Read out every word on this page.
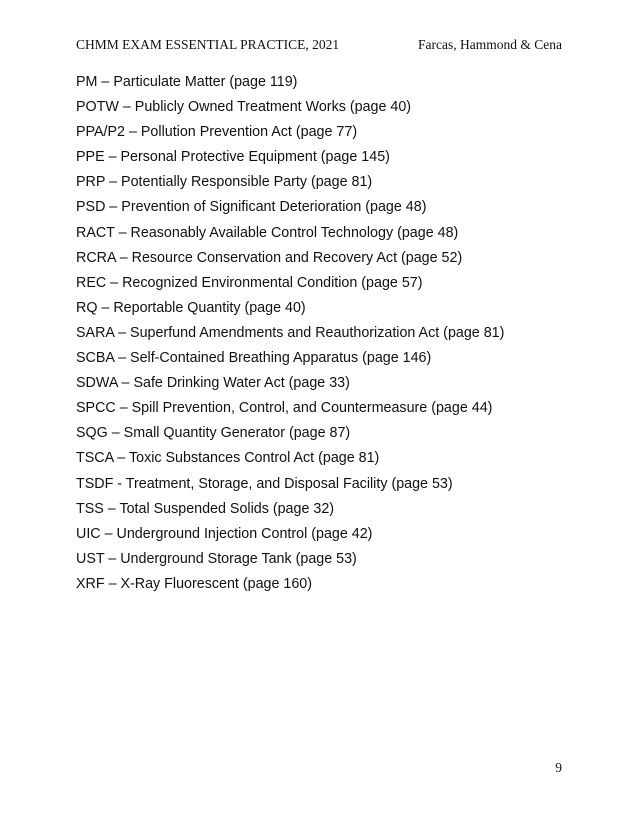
CHMM EXAM ESSENTIAL PRACTICE, 2021	Farcas, Hammond & Cena
PM – Particulate Matter (page 119)
POTW – Publicly Owned Treatment Works (page 40)
PPA/P2 – Pollution Prevention Act (page 77)
PPE – Personal Protective Equipment (page 145)
PRP – Potentially Responsible Party (page 81)
PSD – Prevention of Significant Deterioration (page 48)
RACT – Reasonably Available Control Technology (page 48)
RCRA – Resource Conservation and Recovery Act (page 52)
REC – Recognized Environmental Condition (page 57)
RQ – Reportable Quantity (page 40)
SARA – Superfund Amendments and Reauthorization Act (page 81)
SCBA – Self-Contained Breathing Apparatus (page 146)
SDWA – Safe Drinking Water Act (page 33)
SPCC – Spill Prevention, Control, and Countermeasure (page 44)
SQG – Small Quantity Generator (page 87)
TSCA – Toxic Substances Control Act (page 81)
TSDF - Treatment, Storage, and Disposal Facility (page 53)
TSS – Total Suspended Solids (page 32)
UIC – Underground Injection Control (page 42)
UST – Underground Storage Tank (page 53)
XRF – X-Ray Fluorescent (page 160)
9
